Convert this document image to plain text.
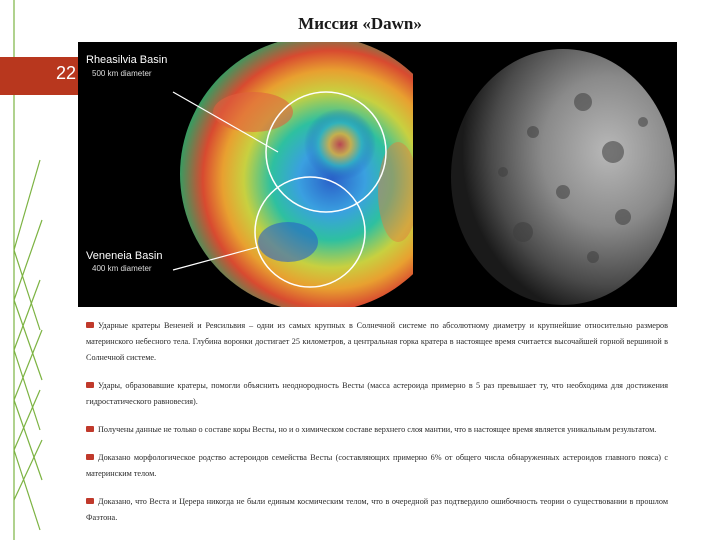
22
Миссия «Dawn»
Rheasilvia Basin
500 km diameter
Veneneia Basin
400 km diameter

Ударные кратеры Вененей и Реясильвия – одни из самых крупных в Солнечной системе по абсолютному диаметру и крупнейшие относительно размеров материнского небесного тела. Глубина воронки достигает 25 километров, а центральная горка кратера в настоящее время считается высочайшей горной вершиной в Солнечной системе.

Удары, образовавшие кратеры, помогли объяснить неоднородность Весты (масса астероида примерно в 5 раз превышает ту, что необходима для достижения гидростатического равновесия).

Получены данные не только о составе коры Весты, но и о химическом составе верхнего слоя мантии, что в настоящее время является уникальным результатом.

Доказано морфологическое родство астероидов семейства Весты (составляющих примерно 6% от общего числа обнаруженных астероидов главного пояса) с материнским телом.

Доказано, что Веста и Церера никогда не были единым космическим телом, что в очередной раз подтвердило ошибочность теории о существовании в прошлом Фаэтона.
